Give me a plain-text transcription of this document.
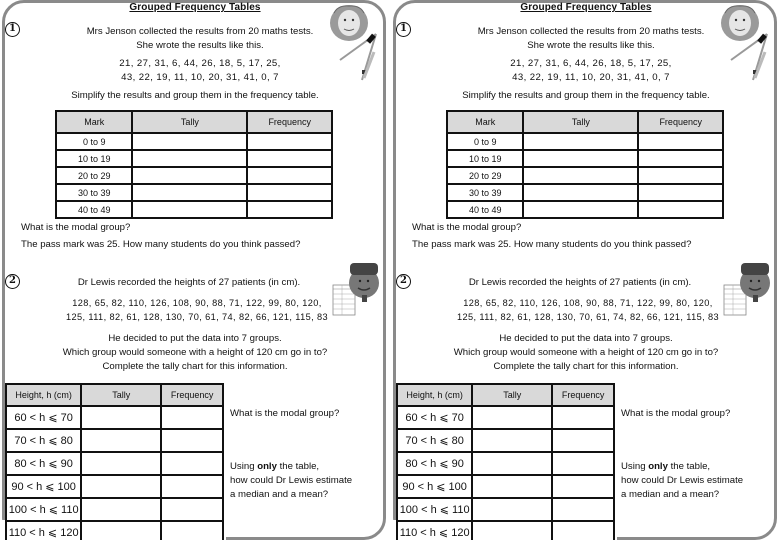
Grouped Frequency Tables
1	Mrs Jenson collected the results from 20 maths tests.
She wrote the results like this.
21, 27, 31, 6, 44, 26, 18, 5, 17, 25,
43, 22, 19, 11, 10, 20, 31, 41, 0, 7
Simplify the results and group them in the frequency table.
Mark	Tally	Frequency
0 to 9		
10 to 19		
20 to 29		
30 to 39		
40 to 49		
What is the modal group?
The pass mark was 25. How many students do you think passed?
2	Dr Lewis recorded the heights of 27 patients (in cm).
128, 65, 82, 110, 126, 108, 90, 88, 71, 122, 99, 80, 120,
125, 111, 82, 61, 128, 130, 70, 61, 74, 82, 66, 121, 115, 83
He decided to put the data into 7 groups.
Which group would someone with a height of 120 cm go in to?
Complete the tally chart for this information.
Height, h (cm)	Tally	Frequency
60 < h ⩽ 70		
70 < h ⩽ 80		
80 < h ⩽ 90		
90 < h ⩽ 100		
100 < h ⩽ 110		
110 < h ⩽ 120		

What is the modal group?
Using only the table,
how could Dr Lewis estimate
a median and a mean?
Grouped Frequency Tables
1	Mrs Jenson collected the results from 20 maths tests.
She wrote the results like this.
21, 27, 31, 6, 44, 26, 18, 5, 17, 25,
43, 22, 19, 11, 10, 20, 31, 41, 0, 7
Simplify the results and group them in the frequency table.
Mark	Tally	Frequency
0 to 9		
10 to 19		
20 to 29		
30 to 39		
40 to 49		
What is the modal group?
The pass mark was 25. How many students do you think passed?
2	Dr Lewis recorded the heights of 27 patients (in cm).
128, 65, 82, 110, 126, 108, 90, 88, 71, 122, 99, 80, 120,
125, 111, 82, 61, 128, 130, 70, 61, 74, 82, 66, 121, 115, 83
He decided to put the data into 7 groups.
Which group would someone with a height of 120 cm go in to?
Complete the tally chart for this information.
Height, h (cm)	Tally	Frequency
60 < h ⩽ 70		
70 < h ⩽ 80		
80 < h ⩽ 90		
90 < h ⩽ 100		
100 < h ⩽ 110		
110 < h ⩽ 120		

What is the modal group?
Using only the table,
how could Dr Lewis estimate
a median and a mean?
